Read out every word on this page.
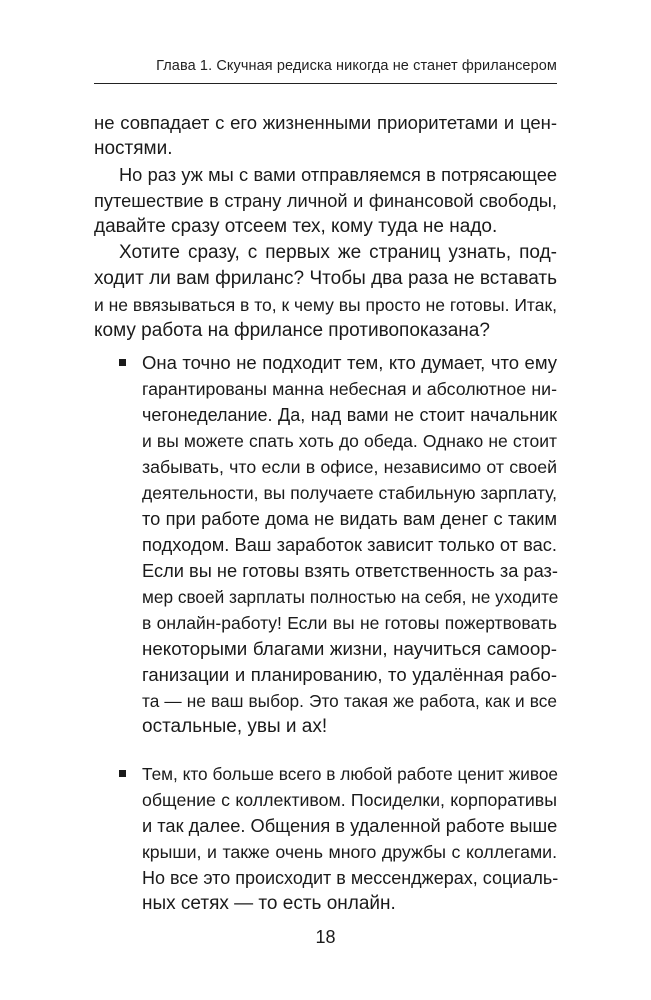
Глава 1. Скучная редиска никогда не станет фрилансером
не совпадает с его жизненными приоритетами и цен-
ностями.
Но раз уж мы с вами отправляемся в потрясающее
путешествие в страну личной и финансовой свободы,
давайте сразу отсеем тех, кому туда не надо.
Хотите сразу, с первых же страниц узнать, под-
ходит ли вам фриланс? Чтобы два раза не вставать
и не ввязываться в то, к чему вы просто не готовы. Итак,
кому работа на фрилансе противопоказана?
Она точно не подходит тем, кто думает, что ему
гарантированы манна небесная и абсолютное ни-
чегонеделание. Да, над вами не стоит начальник
и вы можете спать хоть до обеда. Однако не стоит
забывать, что если в офисе, независимо от своей
деятельности, вы получаете стабильную зарплату,
то при работе дома не видать вам денег с таким
подходом. Ваш заработок зависит только от вас.
Если вы не готовы взять ответственность за раз-
мер своей зарплаты полностью на себя, не уходите
в онлайн-работу! Если вы не готовы пожертвовать
некоторыми благами жизни, научиться самоор-
ганизации и планированию, то удалённая рабо-
та — не ваш выбор. Это такая же работа, как и все
остальные, увы и ах!
Тем, кто больше всего в любой работе ценит живое
общение с коллективом. Посиделки, корпоративы
и так далее. Общения в удаленной работе выше
крыши, и также очень много дружбы с коллегами.
Но все это происходит в мессенджерах, социаль-
ных сетях — то есть онлайн.
18
